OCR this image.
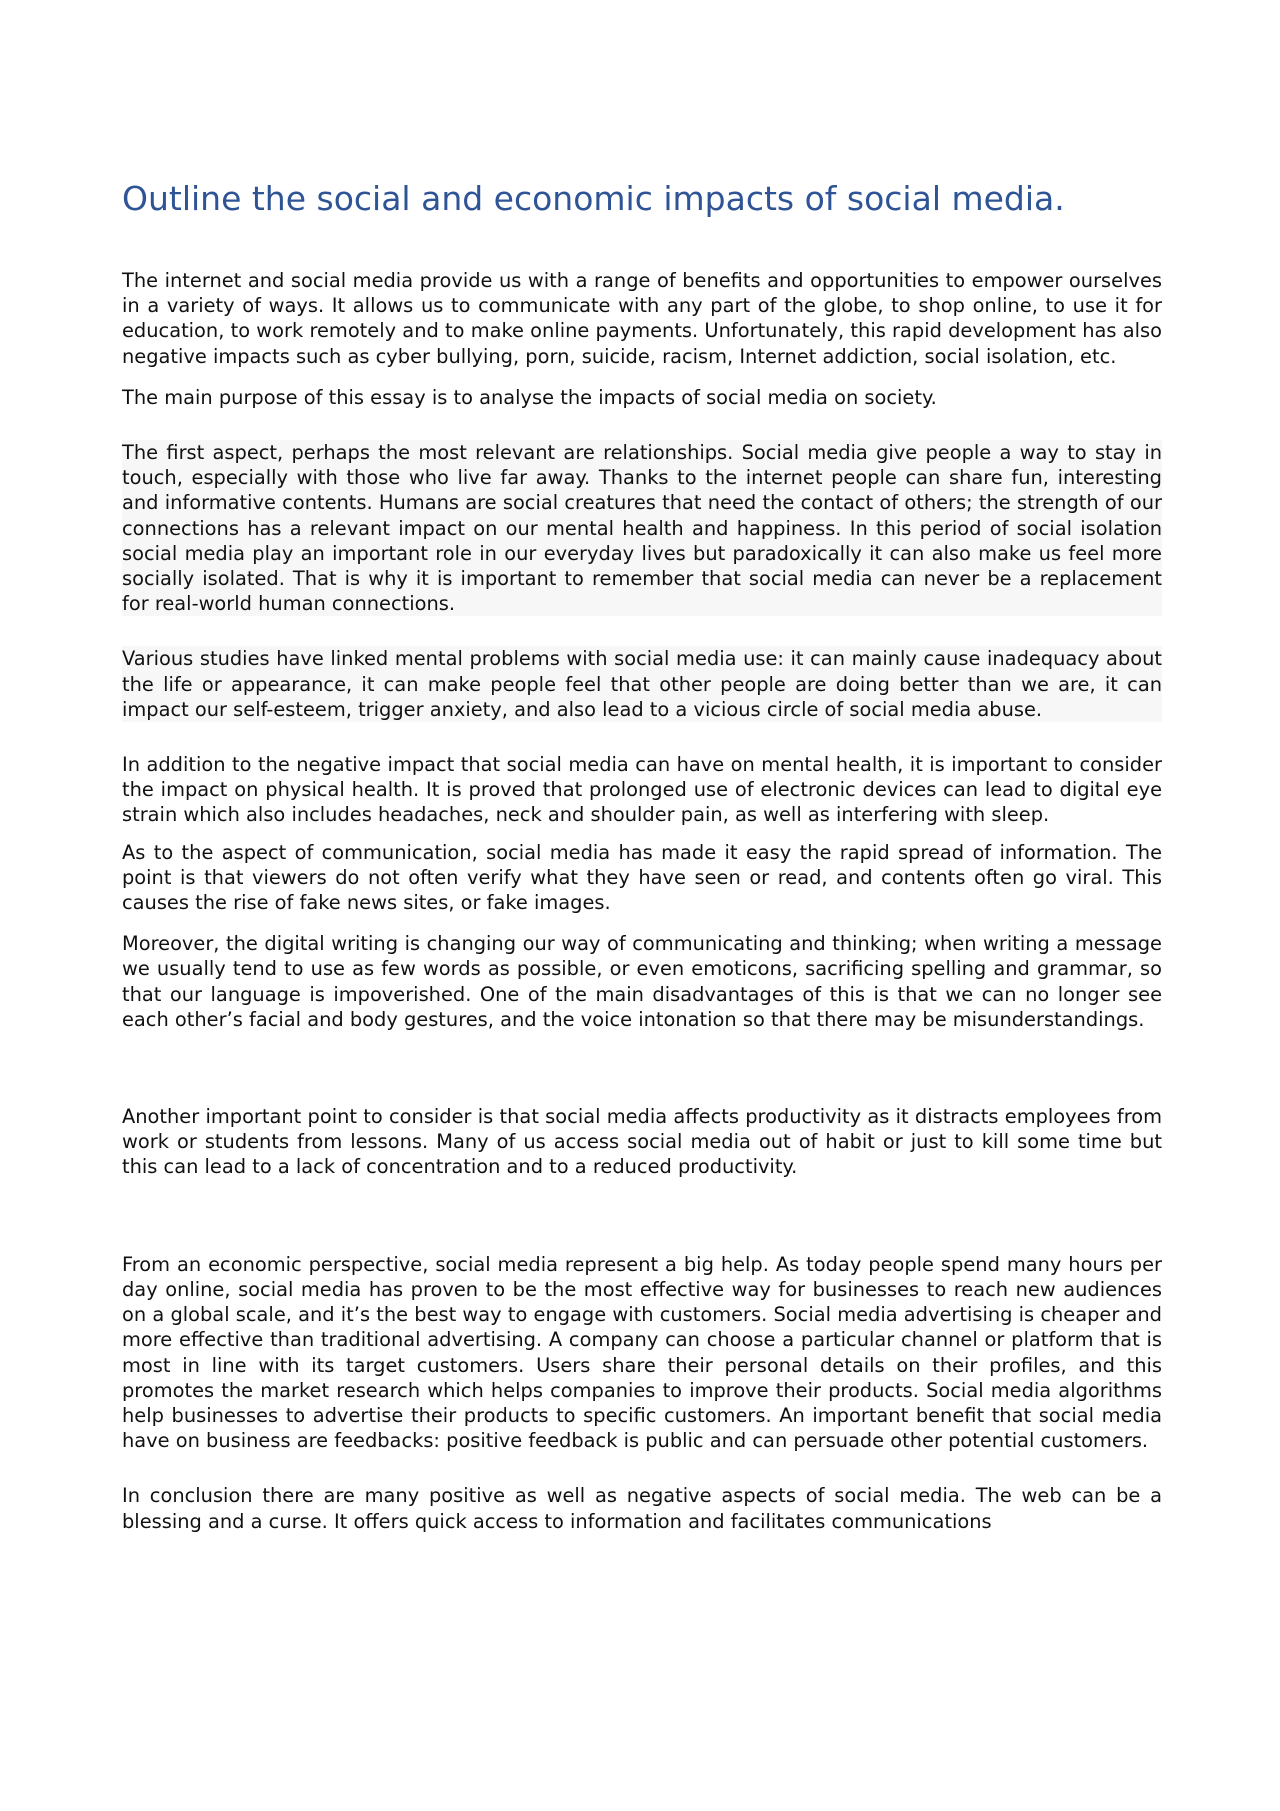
Outline the social and economic impacts of social media.

The internet and social media provide us with a range of benefits and opportunities to empower ourselves in a variety of ways. It allows us to communicate with any part of the globe, to shop online, to use it for education, to work remotely and to make online payments. Unfortunately, this rapid development has also negative impacts such as cyber bullying, porn, suicide, racism, Internet addiction, social isolation, etc.

The main purpose of this essay is to analyse the impacts of social media on society.

The first aspect, perhaps the most relevant are relationships. Social media give people a way to stay in touch, especially with those who live far away. Thanks to the internet people can share fun, interesting and informative contents. Humans are social creatures that need the contact of others; the strength of our connections has a relevant impact on our mental health and happiness. In this period of social isolation social media play an important role in our everyday lives but paradoxically it can also make us feel more socially isolated. That is why it is important to remember that social media can never be a replacement for real-world human connections.

Various studies have linked mental problems with social media use: it can mainly cause inadequacy about the life or appearance, it can make people feel that other people are doing better than we are, it can impact our self-esteem, trigger anxiety, and also lead to a vicious circle of social media abuse.

In addition to the negative impact that social media can have on mental health, it is important to consider the impact on physical health. It is proved that prolonged use of electronic devices can lead to digital eye strain which also includes headaches, neck and shoulder pain, as well as interfering with sleep.

As to the aspect of communication, social media has made it easy the rapid spread of information. The point is that viewers do not often verify what they have seen or read, and contents often go viral. This causes the rise of fake news sites, or fake images.

Moreover, the digital writing is changing our way of communicating and thinking; when writing a message we usually tend to use as few words as possible, or even emoticons, sacrificing spelling and grammar, so that our language is impoverished. One of the main disadvantages of this is that we can no longer see each other’s facial and body gestures, and the voice intonation so that there may be misunderstandings.

Another important point to consider is that social media affects productivity as it distracts employees from work or students from lessons. Many of us access social media out of habit or just to kill some time but this can lead to a lack of concentration and to a reduced productivity.

From an economic perspective, social media represent a big help. As today people spend many hours per day online, social media has proven to be the most effective way for businesses to reach new audiences on a global scale, and it’s the best way to engage with customers. Social media advertising is cheaper and more effective than traditional advertising. A company can choose a particular channel or platform that is most in line with its target customers. Users share their personal details on their profiles, and this promotes the market research which helps companies to improve their products. Social media algorithms help businesses to advertise their products to specific customers. An important benefit that social media have on business are feedbacks: positive feedback is public and can persuade other potential customers.

In conclusion there are many positive as well as negative aspects of social media. The web can be a blessing and a curse. It offers quick access to information and facilitates communications
